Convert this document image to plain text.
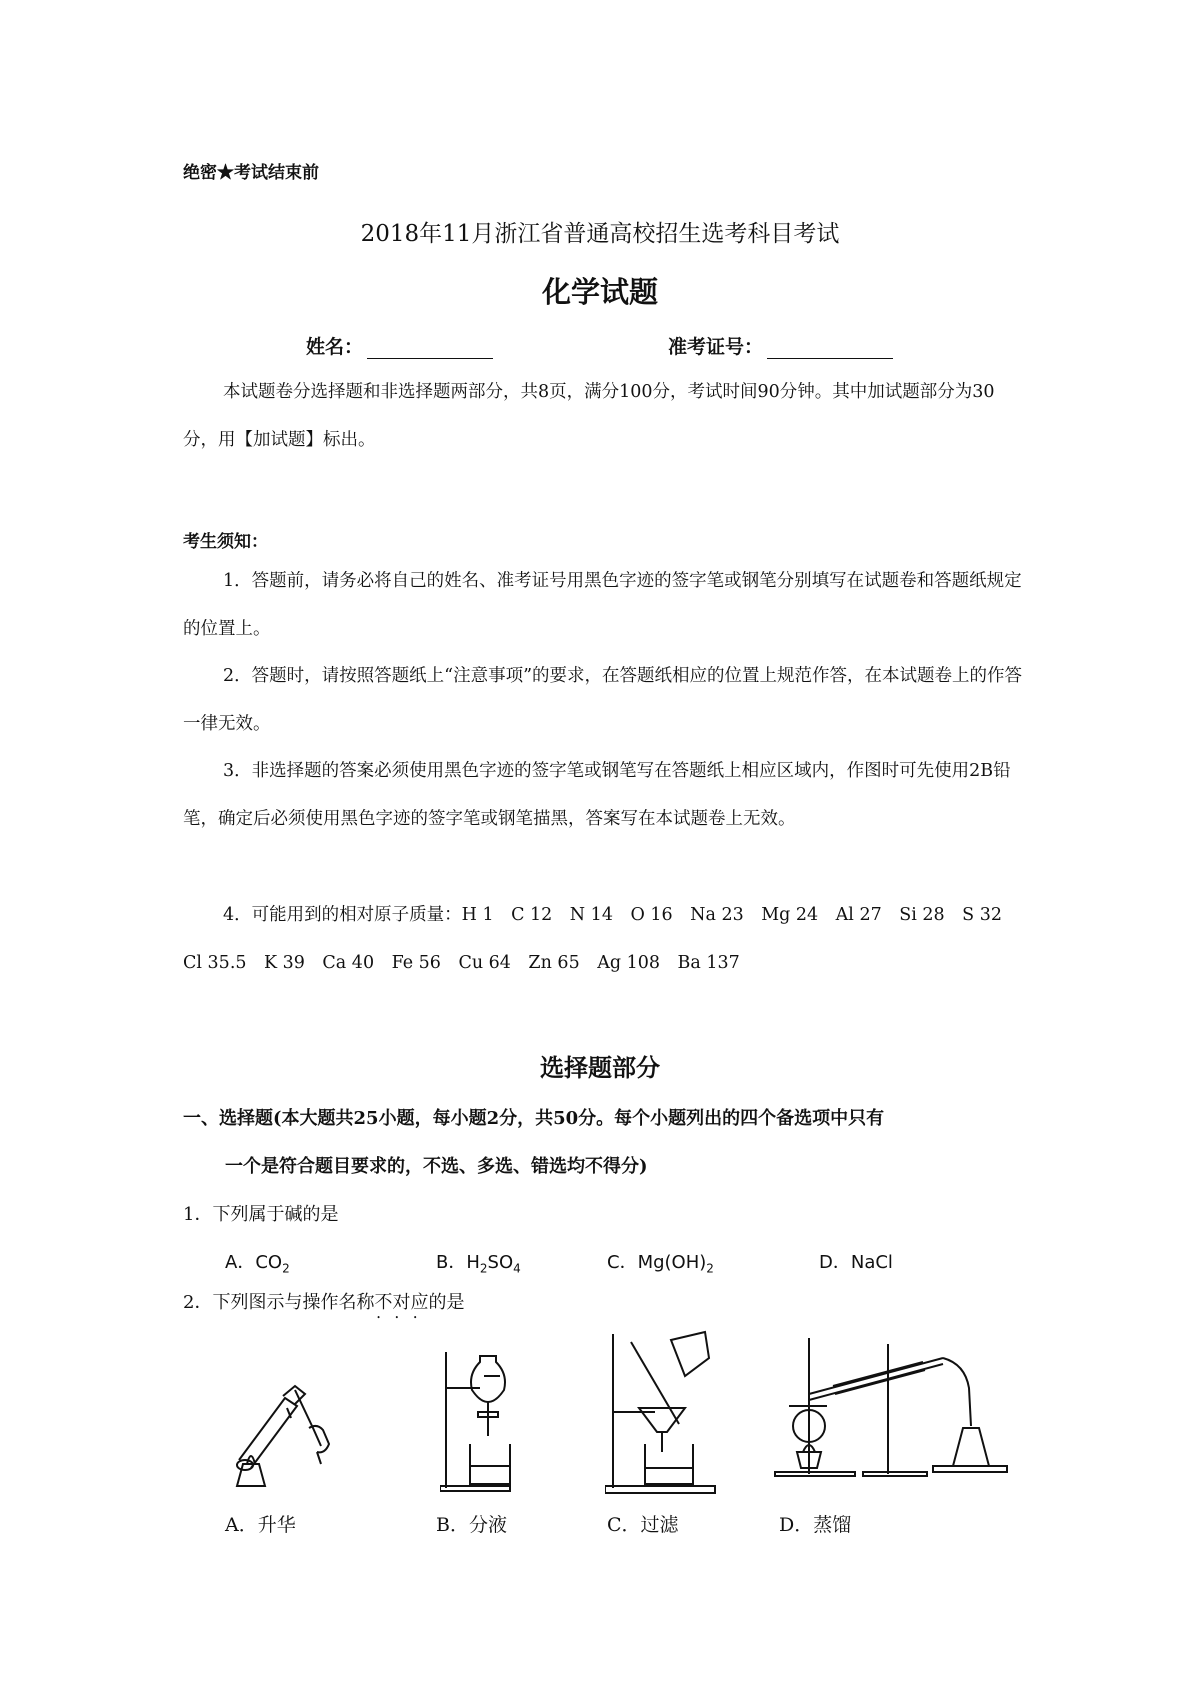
绝密★考试结束前
2018年11月浙江省普通高校招生选考科目考试
化学试题
姓名：	准考证号：
本试题卷分选择题和非选择题两部分，共8页，满分100分，考试时间90分钟。其中加试题部分为30分，用【加试题】标出。
考生须知：
1．答题前，请务必将自己的姓名、准考证号用黑色字迹的签字笔或钢笔分别填写在试题卷和答题纸规定的位置上。
2．答题时，请按照答题纸上“注意事项”的要求，在答题纸相应的位置上规范作答，在本试题卷上的作答一律无效。
3．非选择题的答案必须使用黑色字迹的签字笔或钢笔写在答题纸上相应区域内，作图时可先使用2B铅笔，确定后必须使用黑色字迹的签字笔或钢笔描黑，答案写在本试题卷上无效。
4．可能用到的相对原子质量：H 1　C 12　N 14　O 16　Na 23　Mg 24　Al 27　Si 28　S 32　Cl 35.5　K 39　Ca 40　Fe 56　Cu 64　Zn 65　Ag 108　Ba 137
选择题部分
一、选择题(本大题共25小题，每小题2分，共50分。每个小题列出的四个备选项中只有
一个是符合题目要求的，不选、多选、错选均不得分)
1．下列属于碱的是
A．$CO_2$	B．$H_2SO_4$	C．$Mg(OH)_2$	D．NaCl
2．下列图示与操作名称不对应 • • •的是
A．升华	B．分液	C．过滤	D．蒸馏
